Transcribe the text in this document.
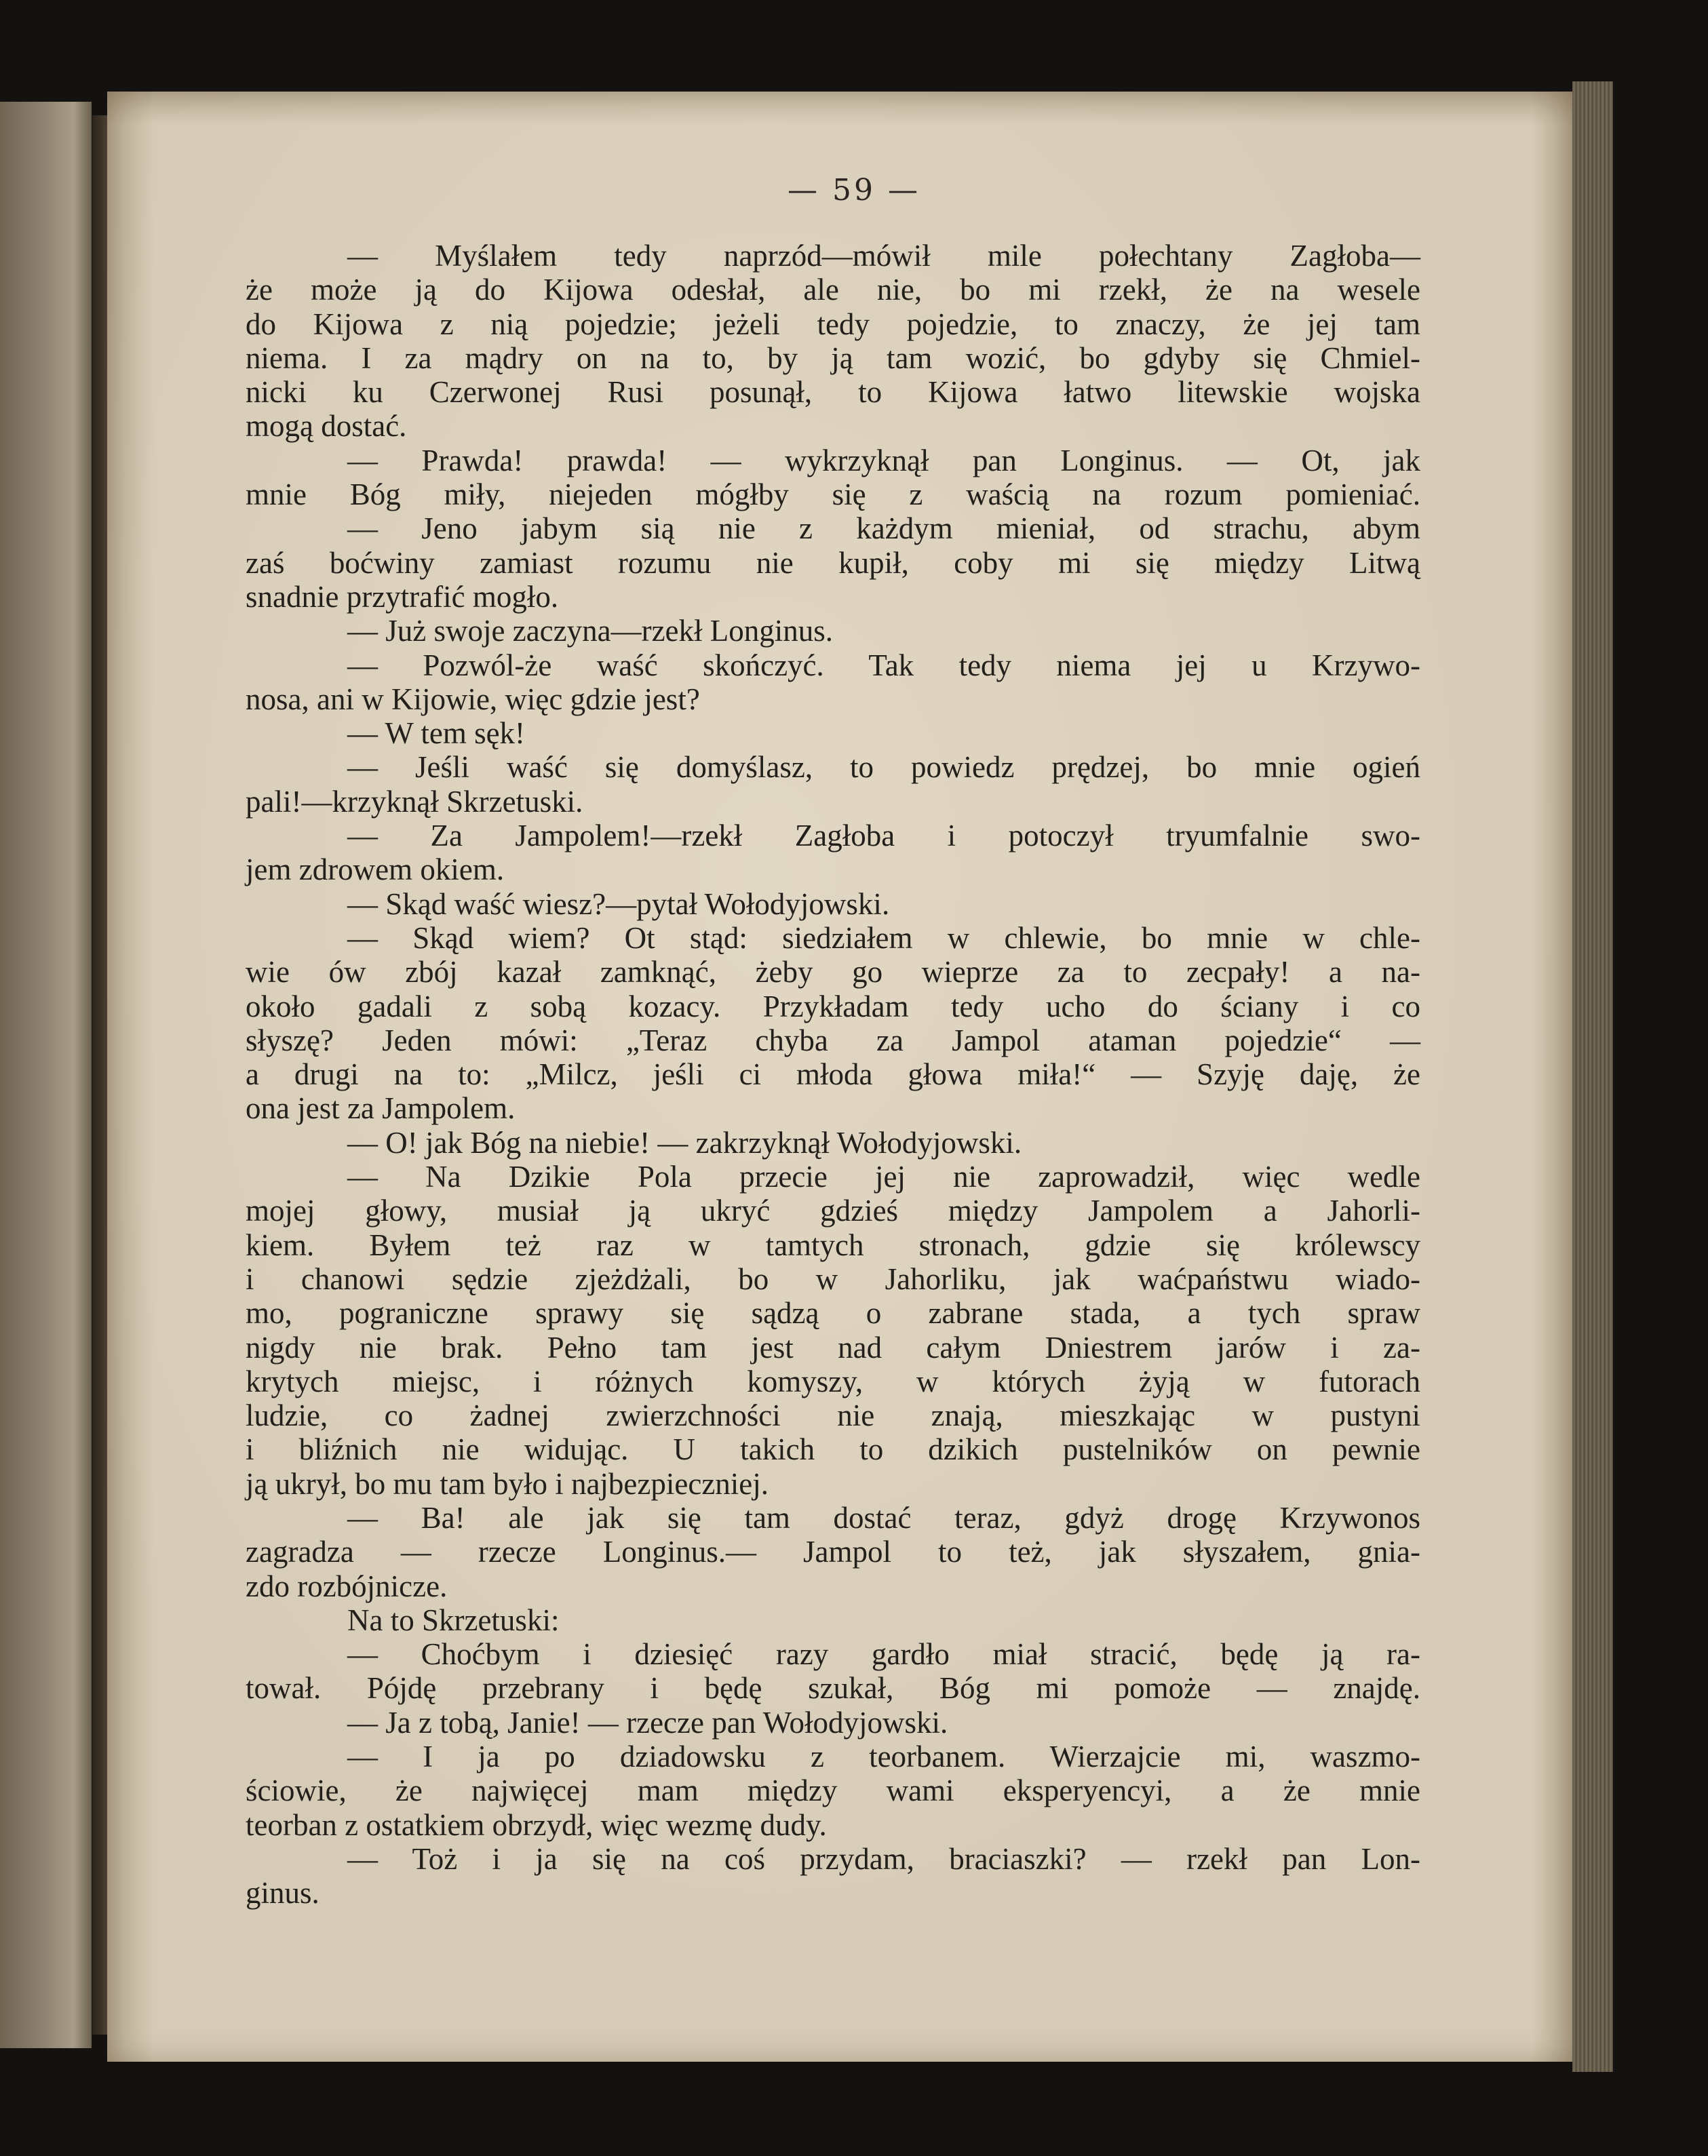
— 59 —
— Myślałem tedy naprzód—mówił mile połechtany Zagłoba—
że może ją do Kijowa odesłał, ale nie, bo mi rzekł, że na wesele
do Kijowa z nią pojedzie; jeżeli tedy pojedzie, to znaczy, że jej tam
niema. I za mądry on na to, by ją tam wozić, bo gdyby się Chmiel-
nicki ku Czerwonej Rusi posunął, to Kijowa łatwo litewskie wojska
mogą dostać.
— Prawda! prawda! — wykrzyknął pan Longinus. — Ot, jak
mnie Bóg miły, niejeden mógłby się z waścią na rozum pomieniać.
— Jeno jabym sią nie z każdym mieniał, od strachu, abym
zaś boćwiny zamiast rozumu nie kupił, coby mi się między Litwą
snadnie przytrafić mogło.
— Już swoje zaczyna—rzekł Longinus.
— Pozwól-że waść skończyć. Tak tedy niema jej u Krzywo-
nosa, ani w Kijowie, więc gdzie jest?
— W tem sęk!
— Jeśli waść się domyślasz, to powiedz prędzej, bo mnie ogień
pali!—krzyknął Skrzetuski.
— Za Jampolem!—rzekł Zagłoba i potoczył tryumfalnie swo-
jem zdrowem okiem.
— Skąd waść wiesz?—pytał Wołodyjowski.
— Skąd wiem? Ot stąd: siedziałem w chlewie, bo mnie w chle-
wie ów zbój kazał zamknąć, żeby go wieprze za to zecpały! a na-
około gadali z sobą kozacy. Przykładam tedy ucho do ściany i co
słyszę? Jeden mówi: „Teraz chyba za Jampol ataman pojedzie“ —
a drugi na to: „Milcz, jeśli ci młoda głowa miła!“ — Szyję daję, że
ona jest za Jampolem.
— O! jak Bóg na niebie! — zakrzyknął Wołodyjowski.
— Na Dzikie Pola przecie jej nie zaprowadził, więc wedle
mojej głowy, musiał ją ukryć gdzieś między Jampolem a Jahorli-
kiem. Byłem też raz w tamtych stronach, gdzie się królewscy
i chanowi sędzie zjeżdżali, bo w Jahorliku, jak waćpaństwu wiado-
mo, pograniczne sprawy się sądzą o zabrane stada, a tych spraw
nigdy nie brak. Pełno tam jest nad całym Dniestrem jarów i za-
krytych miejsc, i różnych komyszy, w których żyją w futorach
ludzie, co żadnej zwierzchności nie znają, mieszkając w pustyni
i bliźnich nie widując. U takich to dzikich pustelników on pewnie
ją ukrył, bo mu tam było i najbezpieczniej.
— Ba! ale jak się tam dostać teraz, gdyż drogę Krzywonos
zagradza — rzecze Longinus.— Jampol to też, jak słyszałem, gnia-
zdo rozbójnicze.
Na to Skrzetuski:
— Choćbym i dziesięć razy gardło miał stracić, będę ją ra-
tował. Pójdę przebrany i będę szukał, Bóg mi pomoże — znajdę.
— Ja z tobą, Janie! — rzecze pan Wołodyjowski.
— I ja po dziadowsku z teorbanem. Wierzajcie mi, waszmo-
ściowie, że najwięcej mam między wami eksperyencyi, a że mnie
teorban z ostatkiem obrzydł, więc wezmę dudy.
— Toż i ja się na coś przydam, braciaszki? — rzekł pan Lon-
ginus.
